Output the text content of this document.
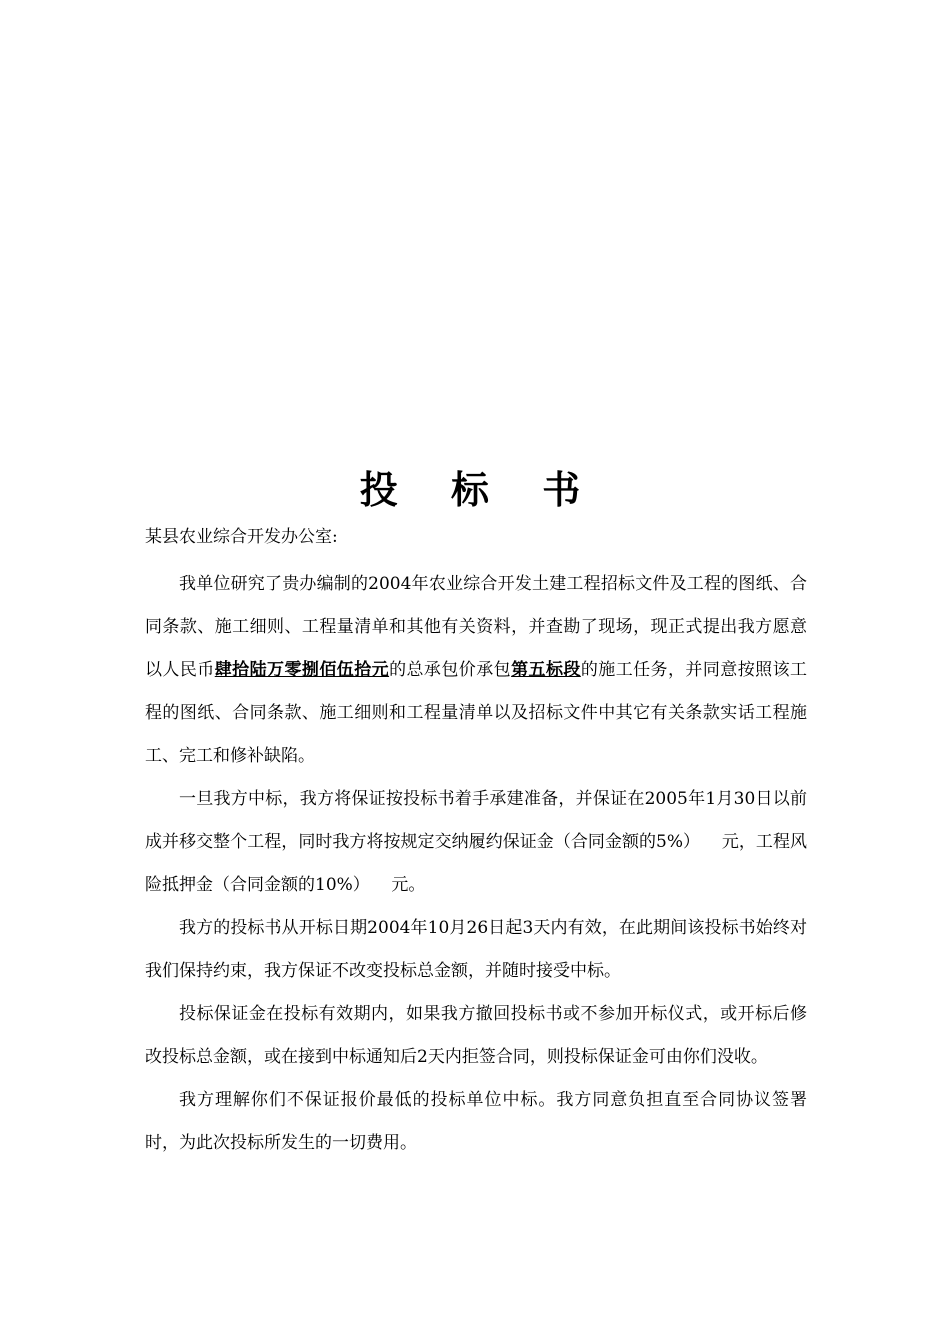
投 标 书
某县农业综合开发办公室:

我单位研究了贵办编制的2004年农业综合开发土建工程招标文件及工程的图纸、合同条款、施工细则、工程量清单和其他有关资料，并查勘了现场，现正式提出我方愿意以人民币肆拾陆万零捌佰伍拾元的总承包价承包第五标段的施工任务，并同意按照该工程的图纸、合同条款、施工细则和工程量清单以及招标文件中其它有关条款实话工程施工、完工和修补缺陷。

一旦我方中标，我方将保证按投标书着手承建准备，并保证在2005年1月30日以前成并移交整个工程，同时我方将按规定交纳履约保证金（合同金额的5%）    元，工程风险抵押金（合同金额的10%）    元。

我方的投标书从开标日期2004年10月26日起3天内有效，在此期间该投标书始终对我们保持约束，我方保证不改变投标总金额，并随时接受中标。

投标保证金在投标有效期内，如果我方撤回投标书或不参加开标仪式，或开标后修改投标总金额，或在接到中标通知后2天内拒签合同，则投标保证金可由你们没收。

我方理解你们不保证报价最低的投标单位中标。我方同意负担直至合同协议签署时，为此次投标所发生的一切费用。
